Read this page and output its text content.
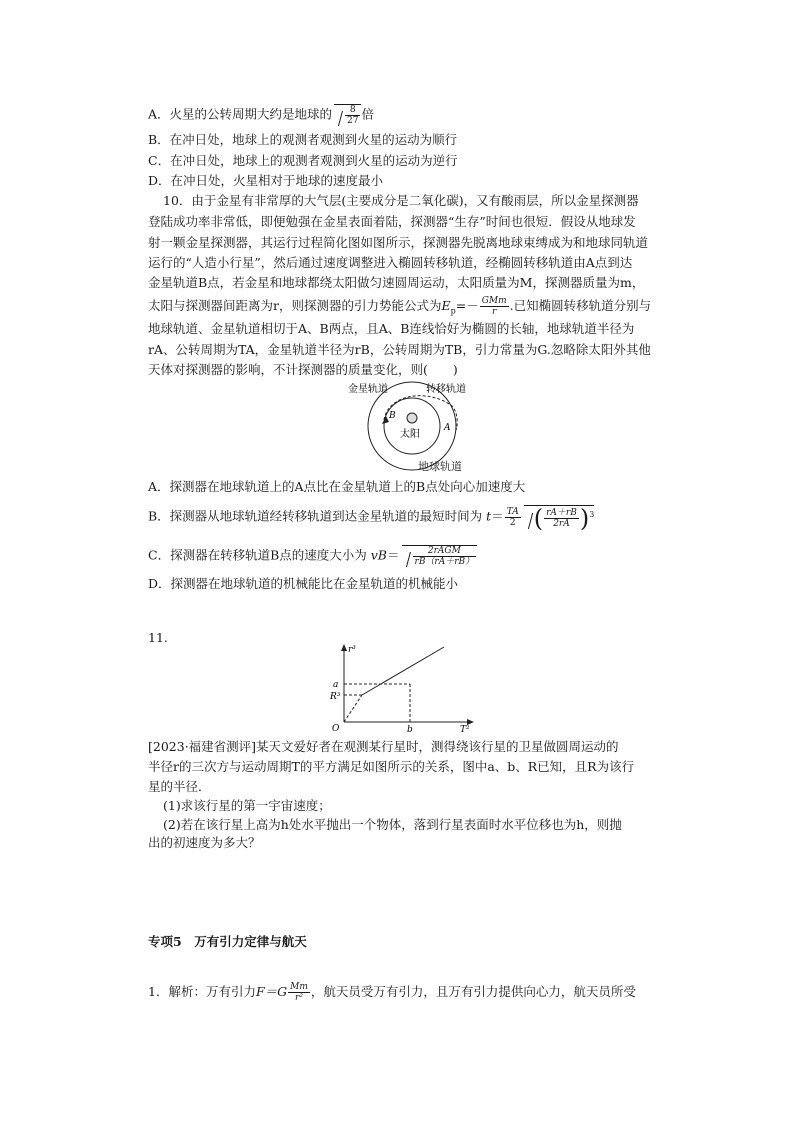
A．火星的公转周期大约是地球的 $\frac{8}{27}$ 倍
B．在冲日处，地球上的观测者观测到火星的运动为顺行
C．在冲日处，地球上的观测者观测到火星的运动为逆行
D．在冲日处，火星相对于地球的速度最小
10．由于金星有非常厚的大气层(主要成分是二氧化碳)，又有酸雨层，所以金星探测器
登陆成功率非常低，即便勉强在金星表面着陆，探测器“生存”时间也很短．假设从地球发
射一颗金星探测器，其运行过程简化图如图所示，探测器先脱离地球束缚成为和地球同轨道
运行的“人造小行星”，然后通过速度调整进入椭圆转移轨道，经椭圆转移轨道由A点到达
金星轨道B点，若金星和地球都绕太阳做匀速圆周运动，太阳质量为M，探测器质量为m，
太阳与探测器间距离为r，则探测器的引力势能公式为$E_p=- \frac{\text{GMm}}{r}$ .已知椭圆转移轨道分别与
地球轨道、金星轨道相切于A、B两点，且A、B连线恰好为椭圆的长轴，地球轨道半径为
rA、公转周期为TA，金星轨道半径为rB，公转周期为TB，引力常量为G.忽略除太阳外其他
天体对探测器的影响，不计探测器的质量变化，则(　　)
太阳
B
A
金星轨道	转移轨道
地球轨道
A．探测器在地球轨道上的A点比在金星轨道上的B点处向心加速度大
B．探测器从地球轨道经转移轨道到达金星轨道的最短时间为 $t= \frac{TA}{2}$ ( $\frac{rA+rB}{2rA} )^3$
C．探测器在转移轨道B点的速度大小为 $vB= \frac{\text{2rAGM}}{rB(rA+rB)}$
D．探测器在地球轨道的机械能比在金星轨道的机械能小
11.
r³
T²
O
a
R³
b
[2023·福建省测评]某天文爱好者在观测某行星时，测得绕该行星的卫星做圆周运动的
半径r的三次方与运动周期T的平方满足如图所示的关系，图中a、b、R已知，且R为该行
星的半径．
(1)求该行星的第一宇宙速度；
(2)若在该行星上高为h处水平抛出一个物体，落到行星表面时水平位移也为h，则抛
出的初速度为多大？
专项5　万有引力定律与航天
1．解析：万有引力$F=G \frac{Mm}{\text{r²}}$ ，航天员受万有引力，且万有引力提供向心力，航天员所受
